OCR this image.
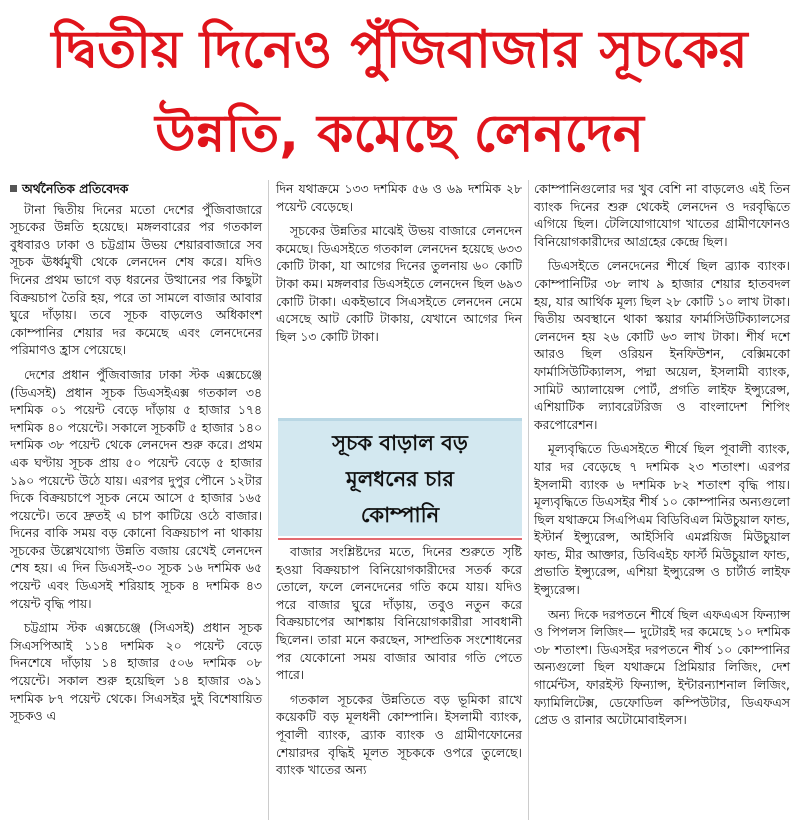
দ্বিতীয় দিনেও পুঁজিবাজার সূচকের
উন্নতি, কমেছে লেনদেন
অর্থনৈতিক প্রতিবেদক

টানা দ্বিতীয় দিনের মতো দেশের পুঁজিবাজারে সূচকের উন্নতি হয়েছে। মঙ্গলবারের পর গতকাল বুধবারও ঢাকা ও চট্টগ্রাম উভয় শেয়ারবাজারে সব সূচক ঊর্ধ্বমুখী থেকে লেনদেন শেষ করে। যদিও দিনের প্রথম ভাগে বড় ধরনের উত্থানের পর কিছুটা বিক্রয়চাপ তৈরি হয়, পরে তা সামলে বাজার আবার ঘুরে দাঁড়ায়। তবে সূচক বাড়লেও অধিকাংশ কোম্পানির শেয়ার দর কমেছে এবং লেনদেনের পরিমাণও হ্রাস পেয়েছে।

দেশের প্রধান পুঁজিবাজার ঢাকা স্টক এক্সচেঞ্জে (ডিএসই) প্রধান সূচক ডিএসইএক্স গতকাল ৩৪ দশমিক ০১ পয়েন্ট বেড়ে দাঁড়ায় ৫ হাজার ১৭৪ দশমিক ৪০ পয়েন্টে। সকালে সূচকটি ৫ হাজার ১৪০ দশমিক ৩৮ পয়েন্ট থেকে লেনদেন শুরু করে। প্রথম এক ঘণ্টায় সূচক প্রায় ৫০ পয়েন্ট বেড়ে ৫ হাজার ১৯০ পয়েন্টে উঠে যায়। এরপর দুপুর পৌনে ১২টার দিকে বিক্রয়চাপে সূচক নেমে আসে ৫ হাজার ১৬৫ পয়েন্টে। তবে দ্রুতই এ চাপ কাটিয়ে ওঠে বাজার। দিনের বাকি সময় বড় কোনো বিক্রয়চাপ না থাকায় সূচকের উল্লেখযোগ্য উন্নতি বজায় রেখেই লেনদেন শেষ হয়। এ দিন ডিএসই-৩০ সূচক ১৬ দশমিক ৬৫ পয়েন্ট এবং ডিএসই শরিয়াহ সূচক ৪ দশমিক ৪৩ পয়েন্ট বৃদ্ধি পায়।

চট্টগ্রাম স্টক এক্সচেঞ্জে (সিএসই) প্রধান সূচক সিএসপিআই ১১৪ দশমিক ২০ পয়েন্ট বেড়ে দিনশেষে দাঁড়ায় ১৪ হাজার ৫০৬ দশমিক ০৮ পয়েন্টে। সকাল শুরু হয়েছিল ১৪ হাজার ৩৯১ দশমিক ৮৭ পয়েন্ট থেকে। সিএসইর দুই বিশেষায়িত সূচকও এ

দিন যথাক্রমে ১৩৩ দশমিক ৫৬ ও ৬৯ দশমিক ২৮ পয়েন্ট বেড়েছে।

সূচকের উন্নতির মাঝেই উভয় বাজারে লেনদেন কমেছে। ডিএসইতে গতকাল লেনদেন হয়েছে ৬৩৩ কোটি টাকা, যা আগের দিনের তুলনায় ৬০ কোটি টাকা কম। মঙ্গলবার ডিএসইতে লেনদেন ছিল ৬৯৩ কোটি টাকা। একইভাবে সিএসইতে লেনদেন নেমে এসেছে আট কোটি টাকায়, যেখানে আগের দিন ছিল ১৩ কোটি টাকা।

সূচক বাড়াল বড়
মূলধনের চার
কোম্পানি

বাজার সংশ্লিষ্টদের মতে, দিনের শুরুতে সৃষ্টি হওয়া বিক্রয়চাপ বিনিয়োগকারীদের সতর্ক করে তোলে, ফলে লেনদেনের গতি কমে যায়। যদিও পরে বাজার ঘুরে দাঁড়ায়, তবুও নতুন করে বিক্রয়চাপের আশঙ্কায় বিনিয়োগকারীরা সাবধানী ছিলেন। তারা মনে করছেন, সাম্প্রতিক সংশোধনের পর যেকোনো সময় বাজার আবার গতি পেতে পারে।

গতকাল সূচকের উন্নতিতে বড় ভূমিকা রাখে কয়েকটি বড় মূলধনী কোম্পানি। ইসলামী ব্যাংক, পূবালী ব্যাংক, ব্র্যাক ব্যাংক ও গ্রামীণফোনের শেয়ারদর বৃদ্ধিই মূলত সূচককে ওপরে তুলেছে। ব্যাংক খাতের অন্য

কোম্পানিগুলোর দর খুব বেশি না বাড়লেও এই তিন ব্যাংক দিনের শুরু থেকেই লেনদেন ও দরবৃদ্ধিতে এগিয়ে ছিল। টেলিযোগাযোগ খাতের গ্রামীণফোনও বিনিয়োগকারীদের আগ্রহের কেন্দ্রে ছিল।

ডিএসইতে লেনদেনের শীর্ষে ছিল ব্র্যাক ব্যাংক। কোম্পানিটির ৩৮ লাখ ৯ হাজার শেয়ার হাতবদল হয়, যার আর্থিক মূল্য ছিল ২৮ কোটি ১০ লাখ টাকা। দ্বিতীয় অবস্থানে থাকা স্কয়ার ফার্মাসিউটিক্যালসের লেনদেন হয় ২৬ কোটি ৬৩ লাখ টাকা। শীর্ষ দশে আরও ছিল ওরিয়ন ইনফিউশন, বেক্সিমকো ফার্মাসিউটিক্যালস, পদ্মা অয়েল, ইসলামী ব্যাংক, সামিট অ্যালায়েন্স পোর্ট, প্রগতি লাইফ ইন্স্যুরেন্স, এশিয়াটিক ল্যাবরেটরিজ ও বাংলাদেশ শিপিং করপোরেশন।

মূল্যবৃদ্ধিতে ডিএসইতে শীর্ষে ছিল পূবালী ব্যাংক, যার দর বেড়েছে ৭ দশমিক ২৩ শতাংশ। এরপর ইসলামী ব্যাংক ৬ দশমিক ৮২ শতাংশ বৃদ্ধি পায়। মূল্যবৃদ্ধিতে ডিএসইর শীর্ষ ১০ কোম্পানির অন্যগুলো ছিল যথাক্রমে সিএপিএম বিডিবিএল মিউচুয়াল ফান্ড, ইস্টার্ন ইন্স্যুরেন্স, আইসিবি এমপ্লয়িজ মিউচুয়াল ফান্ড, মীর আক্তার, ডিবিএইচ ফার্স্ট মিউচুয়াল ফান্ড, প্রভাতি ইন্স্যুরেন্স, এশিয়া ইন্স্যুরেন্স ও চার্টার্ড লাইফ ইন্স্যুরেন্স।

অন্য দিকে দরপতনে শীর্ষে ছিল এফএএস ফিন্যান্স ও পিপলস লিজিং— দুটোরই দর কমেছে ১০ দশমিক ৩৮ শতাংশ। ডিএসইর দরপতনে শীর্ষ ১০ কোম্পানির অন্যগুলো ছিল যথাক্রমে প্রিমিয়ার লিজিং, দেশ গার্মেন্টস, ফারইস্ট ফিন্যান্স, ইন্টারন্যাশনাল লিজিং, ফ্যামিলিটেক্স, ডেফোডিল কম্পিউটার, ডিএফএস প্রেড ও রানার অটোমোবাইলস।
